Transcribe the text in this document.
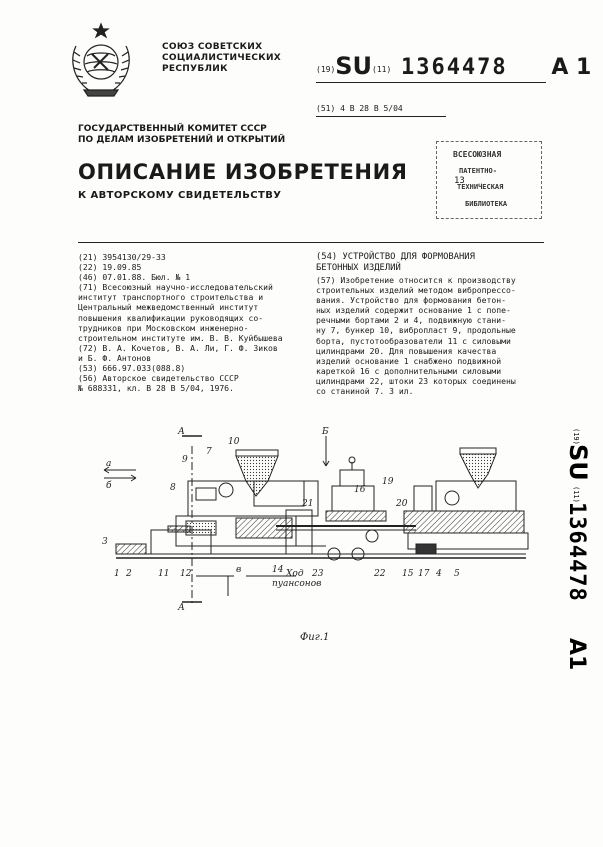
СОЮЗ СОВЕТСКИХ
СОЦИАЛИСТИЧЕСКИХ
РЕСПУБЛИК	(19)SU(11) 1364478 A 1
(51) 4 B 28 B 5/04
ГОСУДАРСТВЕННЫЙ КОМИТЕТ СССР
ПО ДЕЛАМ ИЗОБРЕТЕНИЙ И ОТКРЫТИЙ
ОПИСАНИЕ ИЗОБРЕТЕНИЯ
К АВТОРСКОМУ СВИДЕТЕЛЬСТВУ
ВСЕСОЮЗНАЯ
ПАТЕНТНО-
ТЕХНИЧЕСКАЯ
БИБЛИОТЕКА
13

(21) 3954130/29-33

(22) 19.09.85

(46) 07.01.88. Бюл. № 1

(71) Всесоюзный научно-исследовательский

институт транспортного строительства и

Центральный межведомственный институт

повышения квалификации руководящих со-

трудников при Московском инженерно-

строительном институте им. В. В. Куйбышева

(72) В. А. Кочетов, В. А. Ли, Г. Ф. Зиков

и Б. Ф. Антонов

(53) 666.97.033(088.8)

(56) Авторское свидетельство СССР

№ 688331, кл. В 28 В 5/04, 1976.

(54) УСТРОЙСТВО ДЛЯ ФОРМОВАНИЯ

БЕТОННЫХ ИЗДЕЛИЙ

(57) Изобретение относится к производству

строительных изделий методом вибропрессо-

вания. Устройство для формования бетон-

ных изделий содержит основание 1 с попе-

речными бортами 2 и 4, подвижную стани-

ну 7, бункер 10, вибропласт 9, продольные

борта, пустотообразователи 11 с силовыми

цилиндрами 20. Для повышения качества

изделий основание 1 снабжено подвижной

кареткой 16 с дополнительными силовыми

цилиндрами 22, штоки 23 которых соединены

со станиной 7. 3 ил.

А
а
б
Б
1 2
3
4 5
7
8
9
10
11 12	14	15
16
17
19
20
21
22
23
А
в	Ход
пуансонов
Фиг.1
(19)
SU
(11)
1364478
A1
